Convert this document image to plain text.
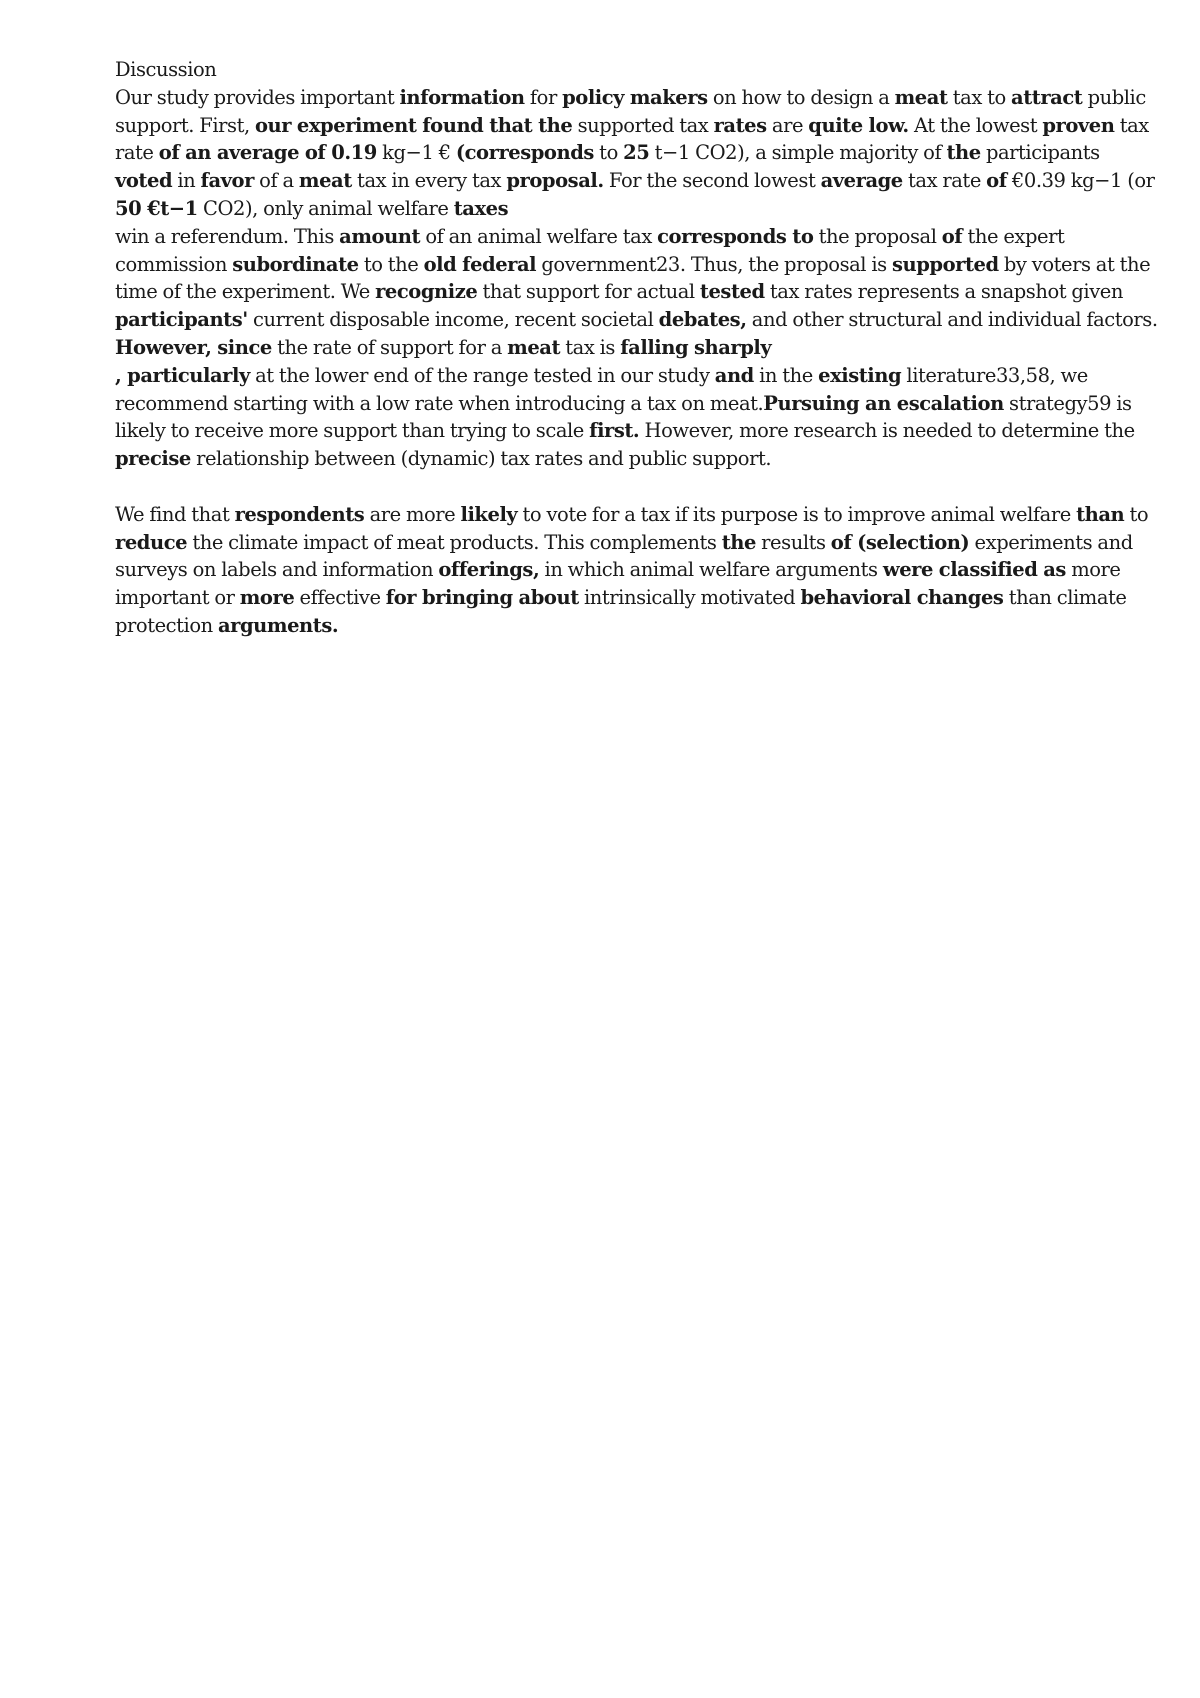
Discussion

Our study provides important information for policy makers on how to design a meat tax to attract public support. First, our experiment found that the supported tax rates are quite low. At the lowest proven tax rate of an average of 0.19 kg−1 € (corresponds to 25 t−1 CO2), a simple majority of the participants voted in favor of a meat tax in every tax proposal. For the second lowest average tax rate of €0.39 kg−1 (or 50 €t−1 CO2), only animal welfare taxes
win a referendum. This amount of an animal welfare tax corresponds to the proposal of the expert commission subordinate to the old federal government23. Thus, the proposal is supported by voters at the time of the experiment. We recognize that support for actual tested tax rates represents a snapshot given participants' current disposable income, recent societal debates, and other structural and individual factors. However, since the rate of support for a meat tax is falling sharply
, particularly at the lower end of the range tested in our study and in the existing literature33,58, we recommend starting with a low rate when introducing a tax on meat.Pursuing an escalation strategy59 is likely to receive more support than trying to scale first. However, more research is needed to determine the precise relationship between (dynamic) tax rates and public support.

We find that respondents are more likely to vote for a tax if its purpose is to improve animal welfare than to reduce the climate impact of meat products. This complements the results of (selection) experiments and surveys on labels and information offerings, in which animal welfare arguments were classified as more important or more effective for bringing about intrinsically motivated behavioral changes than climate protection arguments.
